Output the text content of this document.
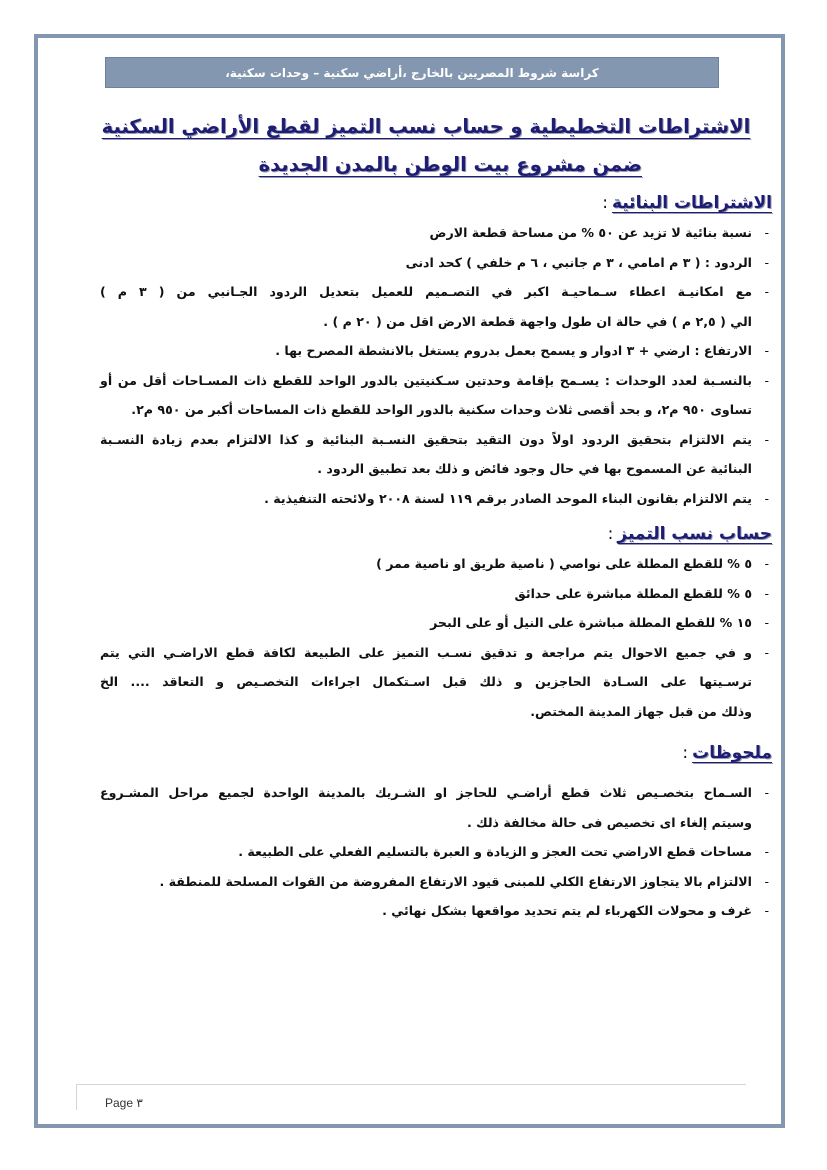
كراسة شروط المصريين بالخارج ،أراضي سكنية – وحدات سكنية،
الاشتراطات التخطيطية و حساب نسب التميز لقطع الأراضي السكنية
ضمن مشروع بيت الوطن بالمدن الجديدة
الاشتراطات البنائية:
- نسبة بنائية لا تزيد عن ٥٠ % من مساحة قطعة الارض
- الردود : ( ٣ م امامي ، ٣ م جانبي ، ٦ م خلفي ) كحد ادنى
- مع امكانيـة اعطاء سـماحيـة اكبر في التصـميم للعميل بتعديل الردود الجـانبي من ( ٣ م )
الي ( ٢,٥ م ) في حالة ان طول واجهة قطعة الارض اقل من ( ٢٠ م ) .
- الارتفاع : ارضي + ٣ ادوار و يسمح بعمل بدروم يستغل بالانشطة المصرح بها .
- بالنسـبة لعدد الوحدات : يسـمح بإقامة وحدتين سـكنيتين بالدور الواحد للقطع ذات المسـاحات أقل من أو
تساوى ٩٥٠ م٢، و بحد أقصى ثلاث وحدات سكنية بالدور الواحد للقطع ذات المساحات أكبر من ٩٥٠ م٢.
- يتم الالتزام بتحقيق الردود اولاً دون التقيد بتحقيق النسـبة البنائية و كذا الالتزام بعدم زيادة النسـبة
البنائية عن المسموح بها في حال وجود فائض و ذلك بعد تطبيق الردود .
- يتم الالتزام بقانون البناء الموحد الصادر برقم ١١٩ لسنة ٢٠٠٨ ولائحته التنفيذية .
حساب نسب التميز:
- ٥ % للقطع المطلة على نواصي ( ناصية طريق او ناصية ممر )
- ٥ % للقطع المطلة مباشرة على حدائق
- ١٥ % للقطع المطلة مباشرة على النيل أو على البحر
- و في جميع الاحوال يتم مراجعة و تدقيق نسـب التميز على الطبيعة لكافة قطع الاراضـي التي يتم
ترسـيتها على السـادة الحاجزين و ذلك قبل اسـتكمال اجراءات التخصـيص و التعاقد .... الخ
وذلك من قبل جهاز المدينة المختص.
ملحوظات:
- السـماح بتخصـيص ثلاث قطع أراضـي للحاجز او الشـريك بالمدينة الواحدة لجميع مراحل المشـروع
وسيتم إلغاء اى تخصيص فى حالة مخالفة ذلك .
- مساحات قطع الاراضي تحت العجز و الزيادة و العبرة بالتسليم الفعلي على الطبيعة .
- الالتزام بالا يتجاوز الارتفاع الكلي للمبنى قيود الارتفاع المفروضة من القوات المسلحة للمنطقة .
- غرف و محولات الكهرباء لم يتم تحديد مواقعها بشكل نهائي .
Page ٣
